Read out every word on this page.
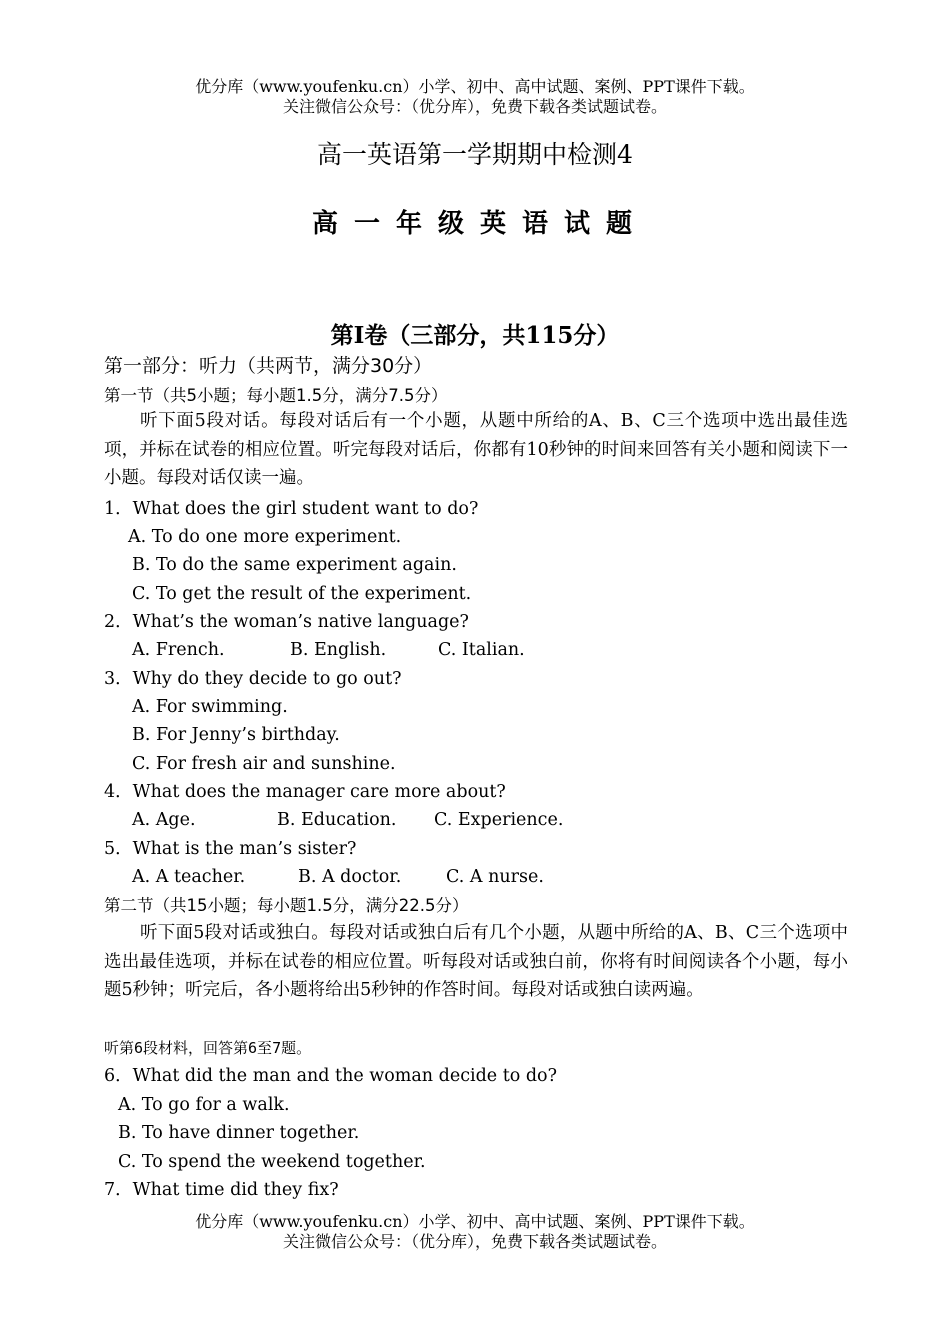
优分库（www.youfenku.cn）小学、初中、高中试题、案例、PPT课件下载。
关注微信公众号：（优分库），免费下载各类试题试卷。
高一英语第一学期期中检测4
高一年级英语试题
第I卷（三部分，共115分）
第一部分：听力（共两节，满分30分）
第一节（共5小题；每小题1.5分，满分7.5分）
听下面5段对话。每段对话后有一个小题，从题中所给的A、B、C三个选项中选出最佳选项，并标在试卷的相应位置。听完每段对话后，你都有10秒钟的时间来回答有关小题和阅读下一小题。每段对话仅读一遍。
1．What does the girl student want to do?
A. To do one more experiment.
B. To do the same experiment again.
C. To get the result of the experiment.
2．What’s the woman’s native language?
A. French.	B. English.	C. Italian.
3．Why do they decide to go out?
A. For swimming.
B. For Jenny’s birthday.
C. For fresh air and sunshine.
4．What does the manager care more about?
A. Age.	B. Education. C. Experience.
5．What is the man’s sister?
A. A teacher.	B. A doctor.	C. A nurse.
第二节（共15小题；每小题1.5分，满分22.5分）
听下面5段对话或独白。每段对话或独白后有几个小题，从题中所给的A、B、C三个选项中选出最佳选项，并标在试卷的相应位置。听每段对话或独白前，你将有时间阅读各个小题，每小题5秒钟；听完后，各小题将给出5秒钟的作答时间。每段对话或独白读两遍。
听第6段材料，回答第6至7题。
6．What did the man and the woman decide to do?
A. To go for a walk.
B. To have dinner together.
C. To spend the weekend together.
7．What time did they fix?
优分库（www.youfenku.cn）小学、初中、高中试题、案例、PPT课件下载。
关注微信公众号：（优分库），免费下载各类试题试卷。
